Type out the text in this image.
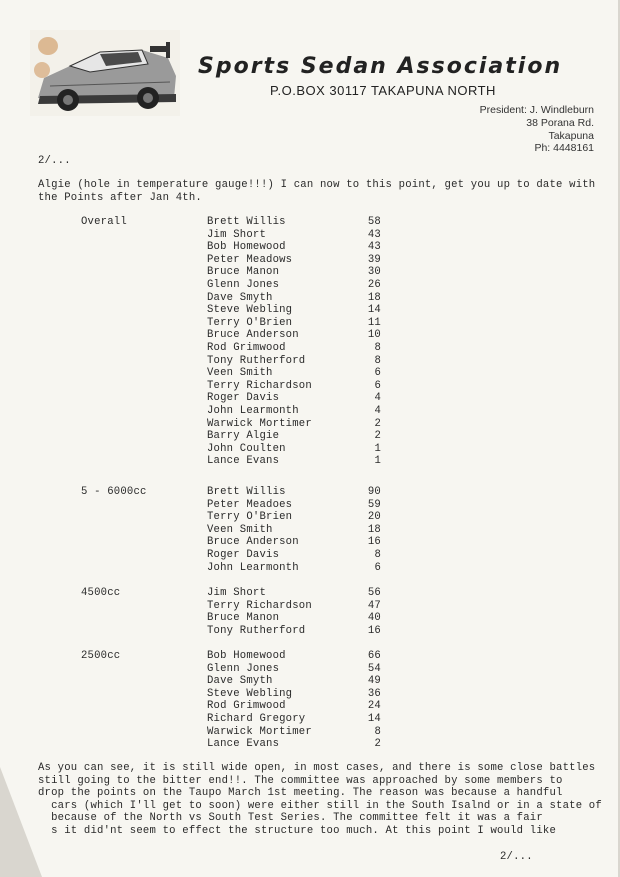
Sports Sedan Association
P.O.BOX 30117 TAKAPUNA NORTH
President: J. Windleburn
38 Porana Rd.
Takapuna
Ph: 4448161
2/...
Algie (hole in temperature gauge!!!) I can now to this point, get you up to date with
the Points after Jan 4th.
Overall	Brett Willis	58
Jim Short	43
Bob Homewood	43
Peter Meadows	39
Bruce Manon	30
Glenn Jones	26
Dave Smyth	18
Steve Webling	14
Terry O'Brien	11
Bruce Anderson	10
Rod Grimwood	8
Tony Rutherford	8
Veen Smith	6
Terry Richardson	6
Roger Davis	4
John Learmonth	4
Warwick Mortimer	2
Barry Algie	2
John Coulten	1
Lance Evans	1
5 - 6000cc	Brett Willis	90
Peter Meadoes	59
Terry O'Brien	20
Veen Smith	18
Bruce Anderson	16
Roger Davis	8
John Learmonth	6
4500cc	Jim Short	56
Terry Richardson	47
Bruce Manon	40
Tony Rutherford	16
2500cc	Bob Homewood	66
Glenn Jones	54
Dave Smyth	49
Steve Webling	36
Rod Grimwood	24
Richard Gregory	14
Warwick Mortimer	8
Lance Evans	2
As you can see, it is still wide open, in most cases, and there is some close battles
still going to the bitter end!!. The committee was approached by some members to
drop the points on the Taupo March 1st meeting. The reason was because a handful
cars (which I'll get to soon) were either still in the South Isalnd or in a state of
because of the North vs South Test Series. The committee felt it was a fair
s it did'nt seem to effect the structure too much. At this point I would like
2/...
